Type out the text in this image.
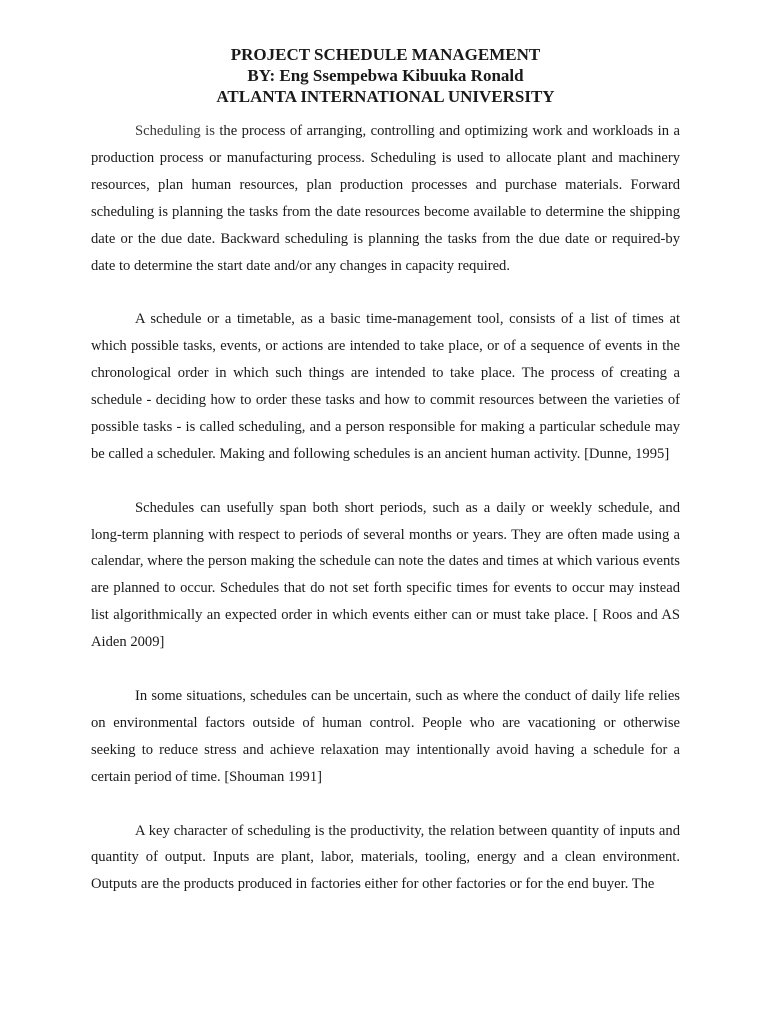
PROJECT SCHEDULE MANAGEMENT
BY: Eng Ssempebwa Kibuuka Ronald
ATLANTA INTERNATIONAL UNIVERSITY

Scheduling is the process of arranging, controlling and optimizing work and workloads in a production process or manufacturing process. Scheduling is used to allocate plant and machinery resources, plan human resources, plan production processes and purchase materials. Forward scheduling is planning the tasks from the date resources become available to determine the shipping date or the due date. Backward scheduling is planning the tasks from the due date or required-by date to determine the start date and/or any changes in capacity required.

A schedule or a timetable, as a basic time-management tool, consists of a list of times at which possible tasks, events, or actions are intended to take place, or of a sequence of events in the chronological order in which such things are intended to take place. The process of creating a schedule - deciding how to order these tasks and how to commit resources between the varieties of possible tasks - is called scheduling, and a person responsible for making a particular schedule may be called a scheduler. Making and following schedules is an ancient human activity. [Dunne, 1995]

Schedules can usefully span both short periods, such as a daily or weekly schedule, and long-term planning with respect to periods of several months or years. They are often made using a calendar, where the person making the schedule can note the dates and times at which various events are planned to occur. Schedules that do not set forth specific times for events to occur may instead list algorithmically an expected order in which events either can or must take place. [ Roos and AS Aiden 2009]

In some situations, schedules can be uncertain, such as where the conduct of daily life relies on environmental factors outside of human control. People who are vacationing or otherwise seeking to reduce stress and achieve relaxation may intentionally avoid having a schedule for a certain period of time. [Shouman 1991]

A key character of scheduling is the productivity, the relation between quantity of inputs and quantity of output. Inputs are plant, labor, materials, tooling, energy and a clean environment. Outputs are the products produced in factories either for other factories or for the end buyer. The
